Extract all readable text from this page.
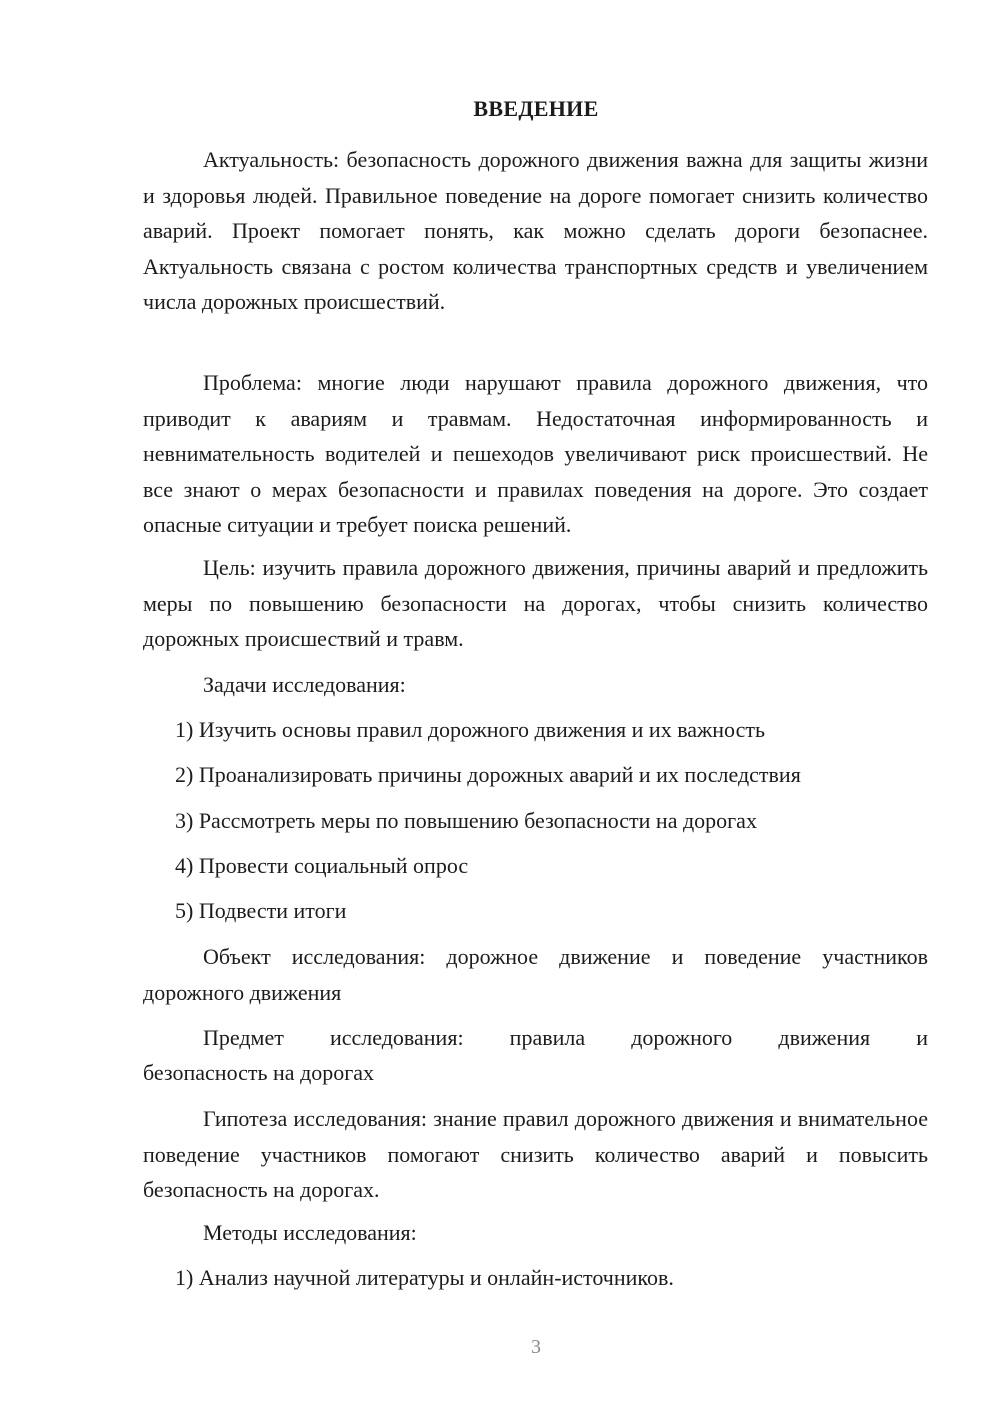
ВВЕДЕНИЕ

Актуальность: безопасность дорожного движения важна для защиты жизни и здоровья людей. Правильное поведение на дороге помогает снизить количество аварий. Проект помогает понять, как можно сделать дороги безопаснее. Актуальность связана с ростом количества транспортных средств и увеличением числа дорожных происшествий.

Проблема: многие люди нарушают правила дорожного движения, что приводит к авариям и травмам. Недостаточная информированность и невнимательность водителей и пешеходов увеличивают риск происшествий. Не все знают о мерах безопасности и правилах поведения на дороге. Это создает опасные ситуации и требует поиска решений.

Цель: изучить правила дорожного движения, причины аварий и предложить меры по повышению безопасности на дорогах, чтобы снизить количество дорожных происшествий и травм.

Задачи исследования:

1) Изучить основы правил дорожного движения и их важность

2) Проанализировать причины дорожных аварий и их последствия

3) Рассмотреть меры по повышению безопасности на дорогах

4) Провести социальный опрос

5) Подвести итоги

Объект исследования: дорожное движение и поведение участников дорожного движения

Предмет исследования: правила дорожного движения и

безопасность на дорогах

Гипотеза исследования: знание правил дорожного движения и внимательное поведение участников помогают снизить количество аварий и повысить безопасность на дорогах.

Методы исследования:

1) Анализ научной литературы и онлайн-источников.

3
